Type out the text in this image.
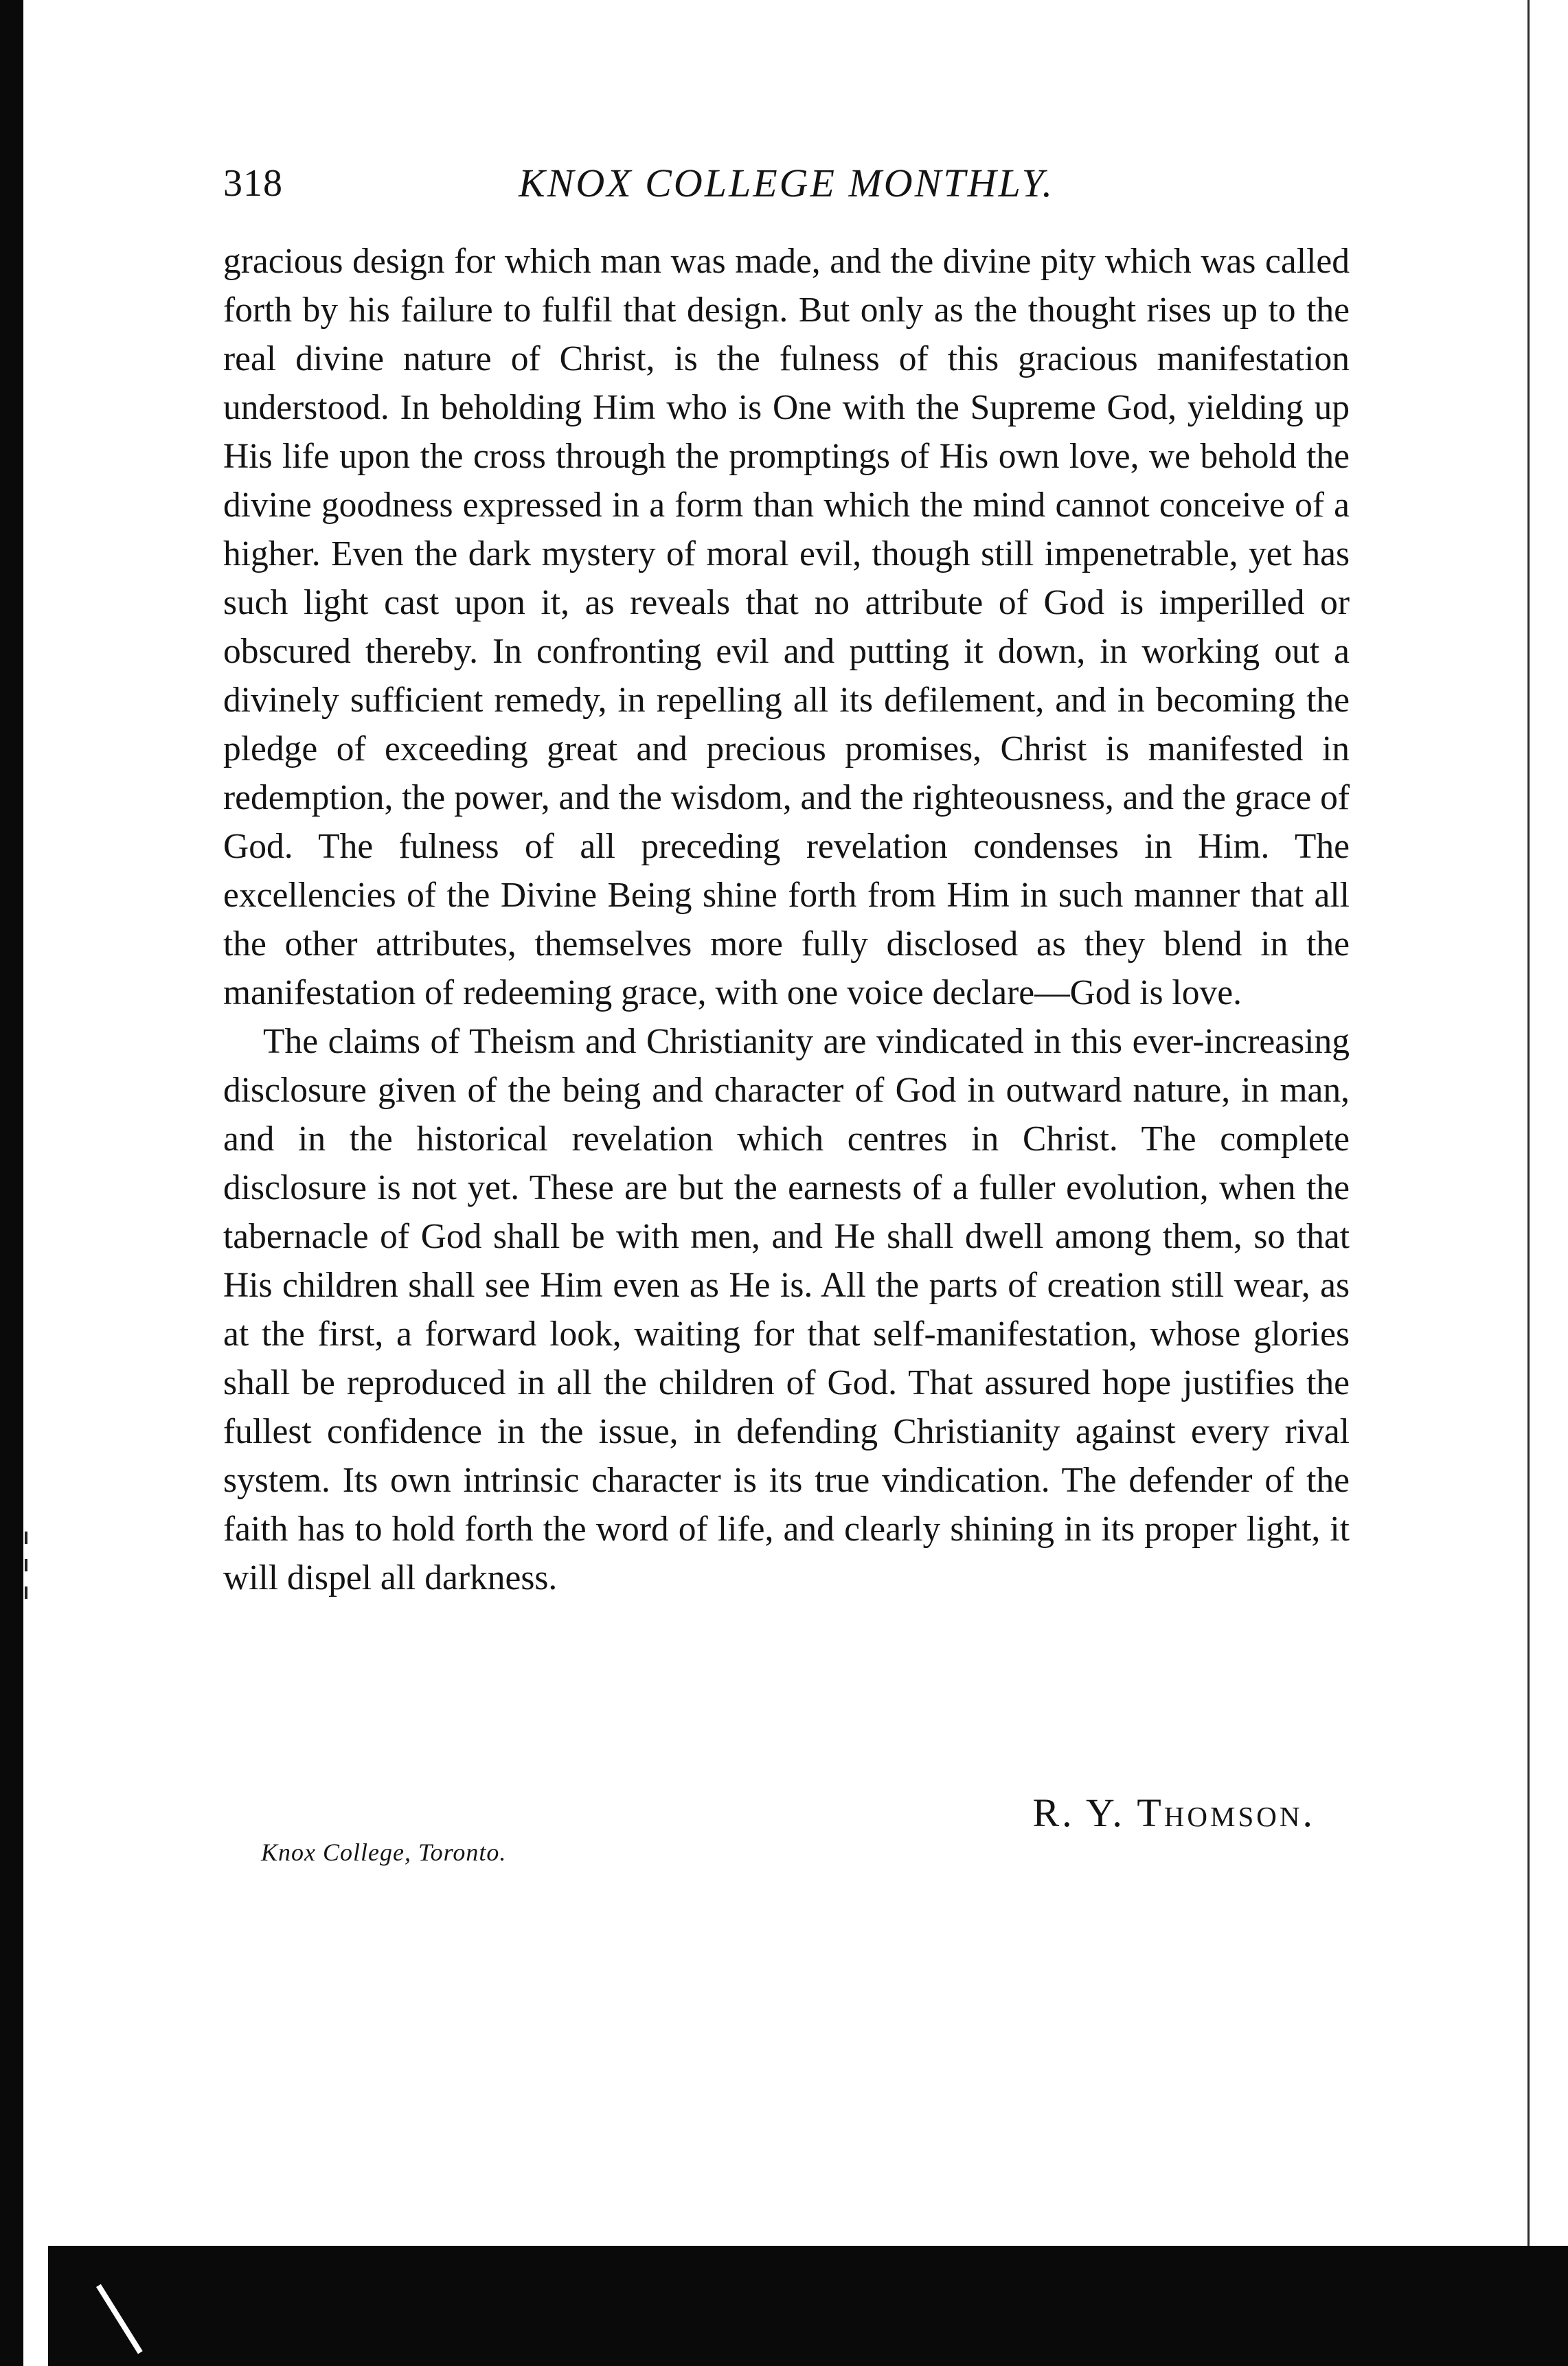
318	KNOX COLLEGE MONTHLY.

gracious design for which man was made, and the divine pity which was called forth by his failure to fulfil that design. But only as the thought rises up to the real divine nature of Christ, is the fulness of this gracious manifestation understood. In beholding Him who is One with the Supreme God, yielding up His life upon the cross through the promptings of His own love, we behold the divine goodness expressed in a form than which the mind cannot conceive of a higher. Even the dark mystery of moral evil, though still impenetrable, yet has such light cast upon it, as reveals that no attribute of God is imperilled or obscured thereby. In confronting evil and putting it down, in working out a divinely sufficient remedy, in repelling all its defilement, and in becoming the pledge of exceeding great and precious promises, Christ is manifested in redemption, the power, and the wisdom, and the righteousness, and the grace of God. The fulness of all preceding revelation condenses in Him. The excellencies of the Divine Being shine forth from Him in such manner that all the other attributes, themselves more fully disclosed as they blend in the manifestation of redeeming grace, with one voice declare—God is love.

The claims of Theism and Christianity are vindicated in this ever-increasing disclosure given of the being and character of God in outward nature, in man, and in the historical revelation which centres in Christ. The complete disclosure is not yet. These are but the earnests of a fuller evolution, when the tabernacle of God shall be with men, and He shall dwell among them, so that His children shall see Him even as He is. All the parts of creation still wear, as at the first, a forward look, waiting for that self-manifestation, whose glories shall be reproduced in all the children of God. That assured hope justifies the fullest confidence in the issue, in defending Christianity against every rival system. Its own intrinsic character is its true vindication. The defender of the faith has to hold forth the word of life, and clearly shining in its proper light, it will dispel all darkness.

R. Y. Thomson.
Knox College, Toronto.
